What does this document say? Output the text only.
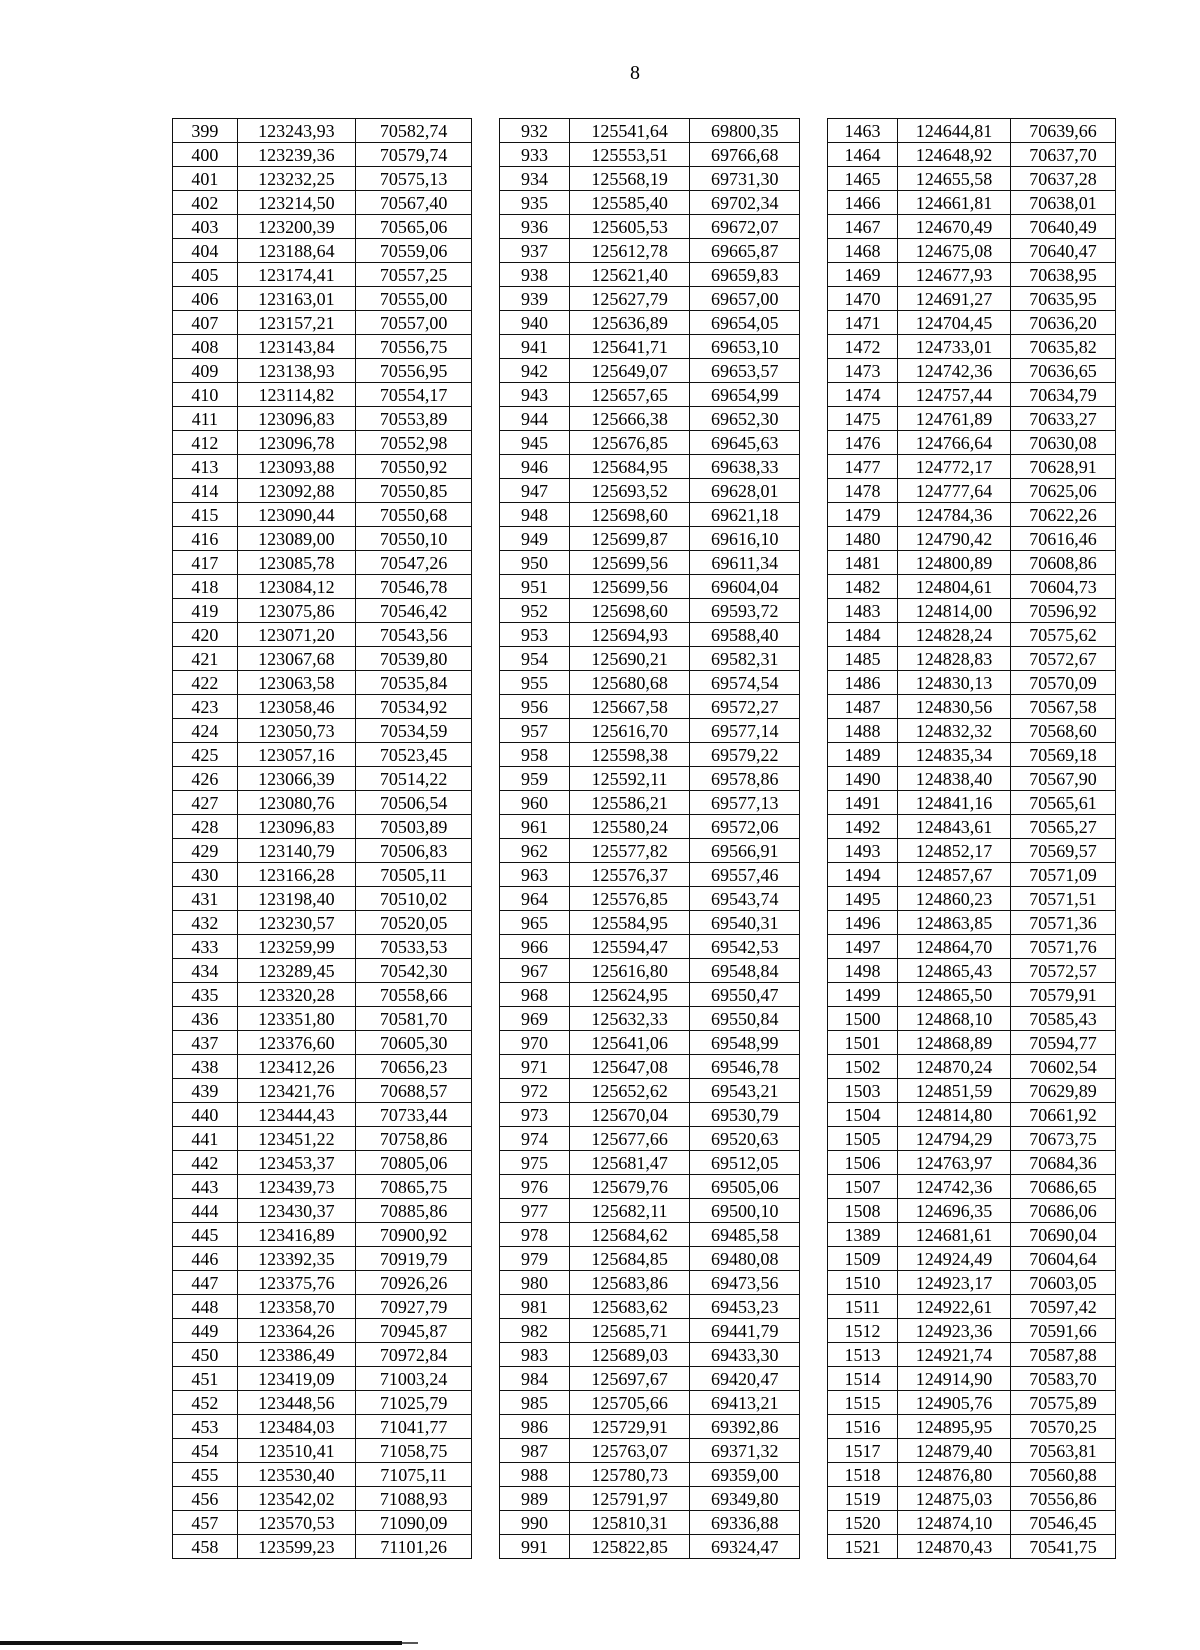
8
399	123243,93	70582,74		932	125541,64	69800,35		1463	124644,81	70639,66
400	123239,36	70579,74		933	125553,51	69766,68		1464	124648,92	70637,70
401	123232,25	70575,13		934	125568,19	69731,30		1465	124655,58	70637,28
402	123214,50	70567,40		935	125585,40	69702,34		1466	124661,81	70638,01
403	123200,39	70565,06		936	125605,53	69672,07		1467	124670,49	70640,49
404	123188,64	70559,06		937	125612,78	69665,87		1468	124675,08	70640,47
405	123174,41	70557,25		938	125621,40	69659,83		1469	124677,93	70638,95
406	123163,01	70555,00		939	125627,79	69657,00		1470	124691,27	70635,95
407	123157,21	70557,00		940	125636,89	69654,05		1471	124704,45	70636,20
408	123143,84	70556,75		941	125641,71	69653,10		1472	124733,01	70635,82
409	123138,93	70556,95		942	125649,07	69653,57		1473	124742,36	70636,65
410	123114,82	70554,17		943	125657,65	69654,99		1474	124757,44	70634,79
411	123096,83	70553,89		944	125666,38	69652,30		1475	124761,89	70633,27
412	123096,78	70552,98		945	125676,85	69645,63		1476	124766,64	70630,08
413	123093,88	70550,92		946	125684,95	69638,33		1477	124772,17	70628,91
414	123092,88	70550,85		947	125693,52	69628,01		1478	124777,64	70625,06
415	123090,44	70550,68		948	125698,60	69621,18		1479	124784,36	70622,26
416	123089,00	70550,10		949	125699,87	69616,10		1480	124790,42	70616,46
417	123085,78	70547,26		950	125699,56	69611,34		1481	124800,89	70608,86
418	123084,12	70546,78		951	125699,56	69604,04		1482	124804,61	70604,73
419	123075,86	70546,42		952	125698,60	69593,72		1483	124814,00	70596,92
420	123071,20	70543,56		953	125694,93	69588,40		1484	124828,24	70575,62
421	123067,68	70539,80		954	125690,21	69582,31		1485	124828,83	70572,67
422	123063,58	70535,84		955	125680,68	69574,54		1486	124830,13	70570,09
423	123058,46	70534,92		956	125667,58	69572,27		1487	124830,56	70567,58
424	123050,73	70534,59		957	125616,70	69577,14		1488	124832,32	70568,60
425	123057,16	70523,45		958	125598,38	69579,22		1489	124835,34	70569,18
426	123066,39	70514,22		959	125592,11	69578,86		1490	124838,40	70567,90
427	123080,76	70506,54		960	125586,21	69577,13		1491	124841,16	70565,61
428	123096,83	70503,89		961	125580,24	69572,06		1492	124843,61	70565,27
429	123140,79	70506,83		962	125577,82	69566,91		1493	124852,17	70569,57
430	123166,28	70505,11		963	125576,37	69557,46		1494	124857,67	70571,09
431	123198,40	70510,02		964	125576,85	69543,74		1495	124860,23	70571,51
432	123230,57	70520,05		965	125584,95	69540,31		1496	124863,85	70571,36
433	123259,99	70533,53		966	125594,47	69542,53		1497	124864,70	70571,76
434	123289,45	70542,30		967	125616,80	69548,84		1498	124865,43	70572,57
435	123320,28	70558,66		968	125624,95	69550,47		1499	124865,50	70579,91
436	123351,80	70581,70		969	125632,33	69550,84		1500	124868,10	70585,43
437	123376,60	70605,30		970	125641,06	69548,99		1501	124868,89	70594,77
438	123412,26	70656,23		971	125647,08	69546,78		1502	124870,24	70602,54
439	123421,76	70688,57		972	125652,62	69543,21		1503	124851,59	70629,89
440	123444,43	70733,44		973	125670,04	69530,79		1504	124814,80	70661,92
441	123451,22	70758,86		974	125677,66	69520,63		1505	124794,29	70673,75
442	123453,37	70805,06		975	125681,47	69512,05		1506	124763,97	70684,36
443	123439,73	70865,75		976	125679,76	69505,06		1507	124742,36	70686,65
444	123430,37	70885,86		977	125682,11	69500,10		1508	124696,35	70686,06
445	123416,89	70900,92		978	125684,62	69485,58		1389	124681,61	70690,04
446	123392,35	70919,79		979	125684,85	69480,08		1509	124924,49	70604,64
447	123375,76	70926,26		980	125683,86	69473,56		1510	124923,17	70603,05
448	123358,70	70927,79		981	125683,62	69453,23		1511	124922,61	70597,42
449	123364,26	70945,87		982	125685,71	69441,79		1512	124923,36	70591,66
450	123386,49	70972,84		983	125689,03	69433,30		1513	124921,74	70587,88
451	123419,09	71003,24		984	125697,67	69420,47		1514	124914,90	70583,70
452	123448,56	71025,79		985	125705,66	69413,21		1515	124905,76	70575,89
453	123484,03	71041,77		986	125729,91	69392,86		1516	124895,95	70570,25
454	123510,41	71058,75		987	125763,07	69371,32		1517	124879,40	70563,81
455	123530,40	71075,11		988	125780,73	69359,00		1518	124876,80	70560,88
456	123542,02	71088,93		989	125791,97	69349,80		1519	124875,03	70556,86
457	123570,53	71090,09		990	125810,31	69336,88		1520	124874,10	70546,45
458	123599,23	71101,26		991	125822,85	69324,47		1521	124870,43	70541,75
